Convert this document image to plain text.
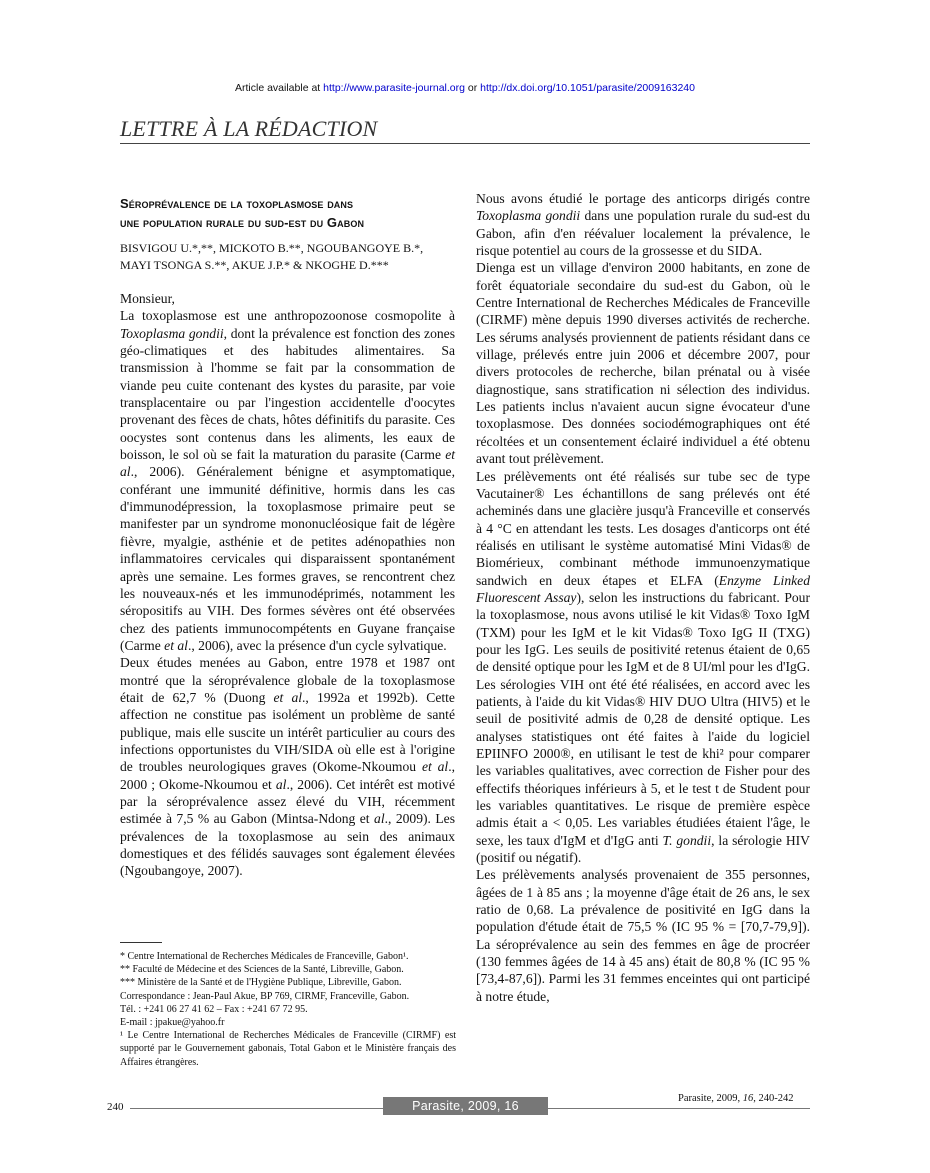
Article available at http://www.parasite-journal.org or http://dx.doi.org/10.1051/parasite/2009163240
LETTRE À LA RÉDACTION
Séroprévalence de la toxoplasmose dans
une population rurale du sud-est du Gabon
BISVIGOU U.*,**, MICKOTO B.**, NGOUBANGOYE B.*,
MAYI TSONGA S.**, AKUE J.P.* & NKOGHE D.***

Monsieur,

La toxoplasmose est une anthropozoonose cosmopolite à Toxoplasma gondii, dont la prévalence est fonction des zones géo-climatiques et des habitudes alimentaires. Sa transmission à l'homme se fait par la consommation de viande peu cuite contenant des kystes du parasite, par voie transplacentaire ou par l'ingestion accidentelle d'oocytes provenant des fèces de chats, hôtes définitifs du parasite. Ces oocystes sont contenus dans les aliments, les eaux de boisson, le sol où se fait la maturation du parasite (Carme et al., 2006). Généralement bénigne et asymptomatique, conférant une immunité définitive, hormis dans les cas d'immunodépression, la toxoplasmose primaire peut se manifester par un syndrome mononucléosique fait de légère fièvre, myalgie, asthénie et de petites adénopathies non inflammatoires cervicales qui disparaissent spontanément après une semaine. Les formes graves, se rencontrent chez les nouveaux-nés et les immunodéprimés, notamment les séropositifs au VIH. Des formes sévères ont été observées chez des patients immunocompétents en Guyane française (Carme et al., 2006), avec la présence d'un cycle sylvatique.

Deux études menées au Gabon, entre 1978 et 1987 ont montré que la séroprévalence globale de la toxoplasmose était de 62,7 % (Duong et al., 1992a et 1992b). Cette affection ne constitue pas isolément un problème de santé publique, mais elle suscite un intérêt particulier au cours des infections opportunistes du VIH/SIDA où elle est à l'origine de troubles neurologiques graves (Okome-Nkoumou et al., 2000 ; Okome-Nkoumou et al., 2006). Cet intérêt est motivé par la séroprévalence assez élevé du VIH, récemment estimée à 7,5 % au Gabon (Mintsa-Ndong et al., 2009). Les prévalences de la toxoplasmose au sein des animaux domestiques et des félidés sauvages sont également élevées (Ngoubangoye, 2007).

* Centre International de Recherches Médicales de Franceville, Gabon¹.

** Faculté de Médecine et des Sciences de la Santé, Libreville, Gabon.

*** Ministère de la Santé et de l'Hygiène Publique, Libreville, Gabon.

Correspondance : Jean-Paul Akue, BP 769, CIRMF, Franceville, Gabon.

Tél. : +241 06 27 41 62 – Fax : +241 67 72 95.

E-mail : jpakue@yahoo.fr

¹ Le Centre International de Recherches Médicales de Franceville (CIRMF) est supporté par le Gouvernement gabonais, Total Gabon et le Ministère français des Affaires étrangères.

Nous avons étudié le portage des anticorps dirigés contre Toxoplasma gondii dans une population rurale du sud-est du Gabon, afin d'en réévaluer localement la prévalence, le risque potentiel au cours de la grossesse et du SIDA.

Dienga est un village d'environ 2000 habitants, en zone de forêt équatoriale secondaire du sud-est du Gabon, où le Centre International de Recherches Médicales de Franceville (CIRMF) mène depuis 1990 diverses activités de recherche. Les sérums analysés proviennent de patients résidant dans ce village, prélevés entre juin 2006 et décembre 2007, pour divers protocoles de recherche, bilan prénatal ou à visée diagnostique, sans stratification ni sélection des individus. Les patients inclus n'avaient aucun signe évocateur d'une toxoplasmose. Des données sociodémographiques ont été récoltées et un consentement éclairé individuel a été obtenu avant tout prélèvement.

Les prélèvements ont été réalisés sur tube sec de type Vacutainer® Les échantillons de sang prélevés ont été acheminés dans une glacière jusqu'à Franceville et conservés à 4 °C en attendant les tests. Les dosages d'anticorps ont été réalisés en utilisant le système automatisé Mini Vidas® de Biomérieux, combinant méthode immunoenzymatique sandwich en deux étapes et ELFA (Enzyme Linked Fluorescent Assay), selon les instructions du fabricant. Pour la toxoplasmose, nous avons utilisé le kit Vidas® Toxo IgM (TXM) pour les IgM et le kit Vidas® Toxo IgG II (TXG) pour les IgG. Les seuils de positivité retenus étaient de 0,65 de densité optique pour les IgM et de 8 UI/ml pour les d'IgG. Les sérologies VIH ont été été réalisées, en accord avec les patients, à l'aide du kit Vidas® HIV DUO Ultra (HIV5) et le seuil de positivité admis de 0,28 de densité optique. Les analyses statistiques ont été faites à l'aide du logiciel EPIINFO 2000®, en utilisant le test de khi² pour comparer les variables qualitatives, avec correction de Fisher pour des effectifs théoriques inférieurs à 5, et le test t de Student pour les variables quantitatives. Le risque de première espèce admis était a < 0,05. Les variables étudiées étaient l'âge, le sexe, les taux d'IgM et d'IgG anti T. gondii, la sérologie HIV (positif ou négatif).

Les prélèvements analysés provenaient de 355 personnes, âgées de 1 à 85 ans ; la moyenne d'âge était de 26 ans, le sex ratio de 0,68. La prévalence de positivité en IgG dans la population d'étude était de 75,5 % (IC 95 % = [70,7-79,9]). La séroprévalence au sein des femmes en âge de procréer (130 femmes âgées de 14 à 45 ans) était de 80,8 % (IC 95 % [73,4-87,6]). Parmi les 31 femmes enceintes qui ont participé à notre étude,

240	Parasite, 2009, 16
Parasite, 2009, 16, 240-242
